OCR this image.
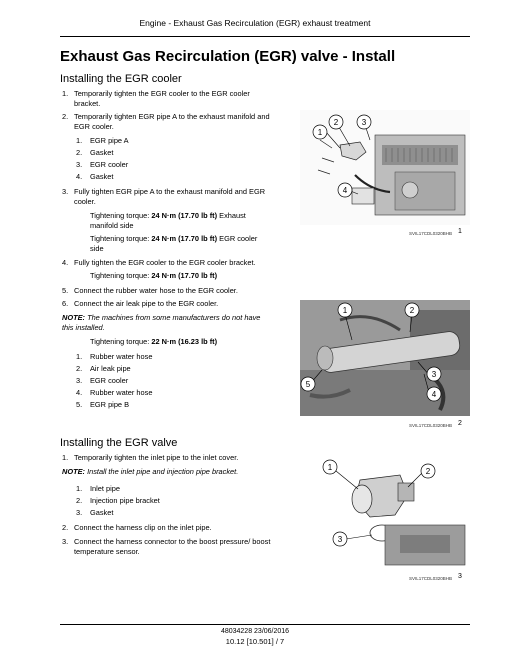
Engine - Exhaust Gas Recirculation (EGR) exhaust treatment
Exhaust Gas Recirculation (EGR) valve - Install
Installing the EGR cooler
1. Temporarily tighten the EGR cooler to the EGR cooler bracket.
2. Temporarily tighten EGR pipe A to the exhaust manifold and EGR cooler.
1. EGR pipe A
2. Gasket
3. EGR cooler
4. Gasket
3. Fully tighten EGR pipe A to the exhaust manifold and EGR cooler.
Tightening torque: 24 N·m (17.70 lb ft) Exhaust manifold side
Tightening torque: 24 N·m (17.70 lb ft) EGR cooler side
4. Fully tighten the EGR cooler to the EGR cooler bracket.
Tightening torque: 24 N·m (17.70 lb ft)
5. Connect the rubber water hose to the EGR cooler.
6. Connect the air leak pipe to the EGR cooler.
NOTE: The machines from some manufacturers do not have this installed.
Tightening torque: 22 N·m (16.23 lb ft)
1. Rubber water hose
2. Air leak pipe
3. EGR cooler
4. Rubber water hose
5. EGR pipe B
1
2	3
4
SVIL17CDL0320BHB 1
1	2
3
4
5
SVIL17CDL0320BHB 2
Installing the EGR valve
1. Temporarily tighten the inlet pipe to the inlet cover.
NOTE: Install the inlet pipe and injection pipe bracket.
1. Inlet pipe
2. Injection pipe bracket
3. Gasket
2. Connect the harness clip on the inlet pipe.
3. Connect the harness connector to the boost pressure/ boost temperature sensor.
1	2
3
SVIL17CDL0320BHB 3
48034228 23/06/2016
10.12 [10.501] / 7
